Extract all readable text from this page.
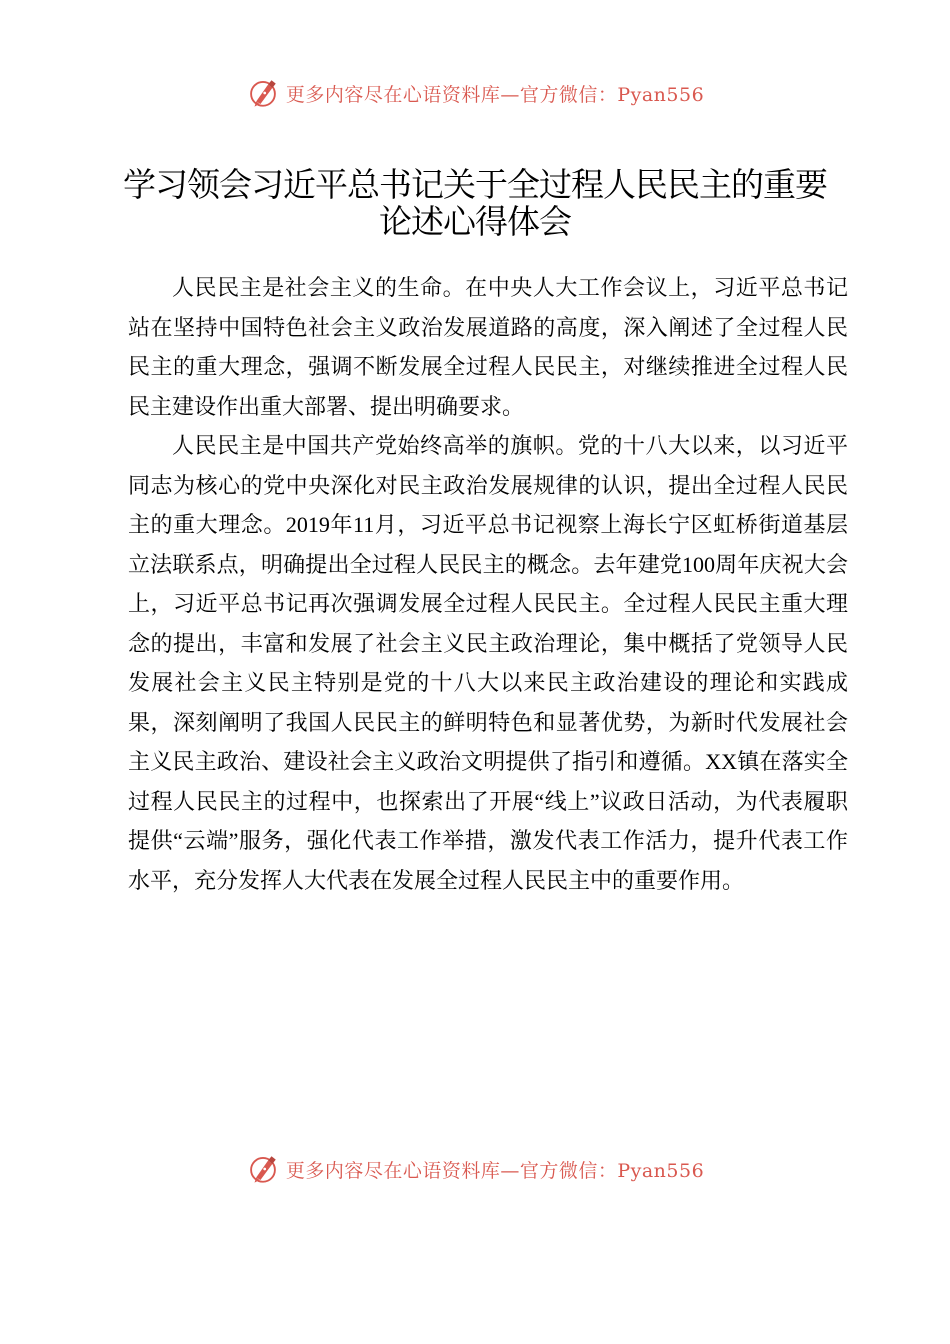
更多内容尽在心语资料库—官方微信：Pyan556
学习领会习近平总书记关于全过程人民民主的重要论述心得体会

人民民主是社会主义的生命。在中央人大工作会议上，习近平总书记站在坚持中国特色社会主义政治发展道路的高度，深入阐述了全过程人民民主的重大理念，强调不断发展全过程人民民主，对继续推进全过程人民民主建设作出重大部署、提出明确要求。

人民民主是中国共产党始终高举的旗帜。党的十八大以来，以习近平同志为核心的党中央深化对民主政治发展规律的认识，提出全过程人民民主的重大理念。2019年11月，习近平总书记视察上海长宁区虹桥街道基层立法联系点，明确提出全过程人民民主的概念。去年建党100周年庆祝大会上，习近平总书记再次强调发展全过程人民民主。全过程人民民主重大理念的提出，丰富和发展了社会主义民主政治理论，集中概括了党领导人民发展社会主义民主特别是党的十八大以来民主政治建设的理论和实践成果，深刻阐明了我国人民民主的鲜明特色和显著优势，为新时代发展社会主义民主政治、建设社会主义政治文明提供了指引和遵循。XX镇在落实全过程人民民主的过程中，也探索出了开展“线上”议政日活动，为代表履职提供“云端”服务，强化代表工作举措，激发代表工作活力，提升代表工作水平，充分发挥人大代表在发展全过程人民民主中的重要作用。

更多内容尽在心语资料库—官方微信：Pyan556
